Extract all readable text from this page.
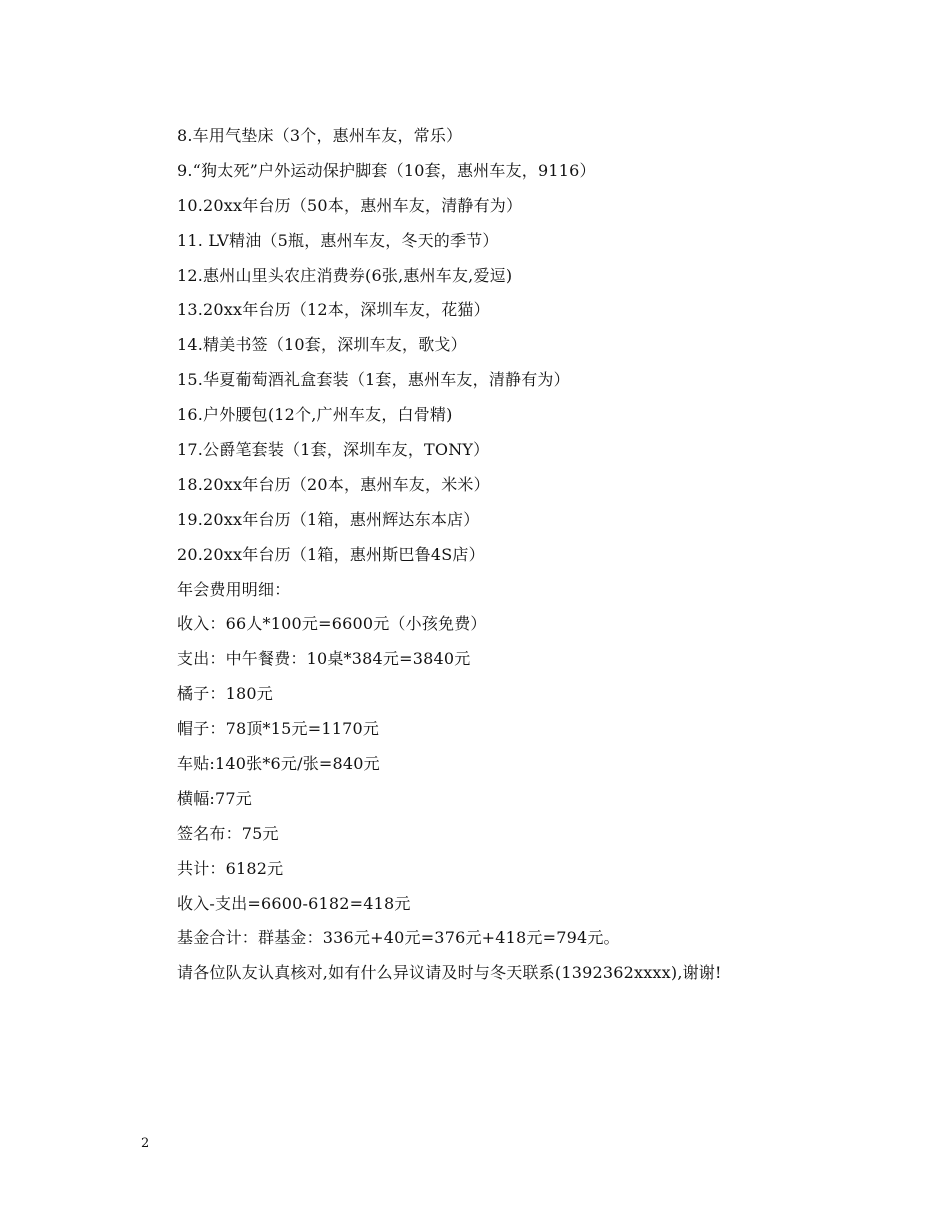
8.车用气垫床（3个，惠州车友，常乐）
9.“狗太死”户外运动保护脚套（10套，惠州车友，9116）
10.20xx年台历（50本，惠州车友，清静有为）
11. LV精油（5瓶，惠州车友，冬天的季节）
12.惠州山里头农庄消费券(6张,惠州车友,爱逗)
13.20xx年台历（12本，深圳车友，花猫）
14.精美书签（10套，深圳车友，歌戈）
15.华夏葡萄酒礼盒套装（1套，惠州车友，清静有为）
16.户外腰包(12个,广州车友，白骨精)
17.公爵笔套装（1套，深圳车友，TONY）
18.20xx年台历（20本，惠州车友，米米）
19.20xx年台历（1箱，惠州辉达东本店）
20.20xx年台历（1箱，惠州斯巴鲁4S店）
年会费用明细：
收入：66人*100元=6600元（小孩免费）
支出：中午餐费：10桌*384元=3840元
橘子：180元
帽子：78顶*15元=1170元
车贴:140张*6元/张=840元
横幅:77元
签名布：75元
共计：6182元
收入-支出=6600-6182=418元
基金合计：群基金：336元+40元=376元+418元=794元。
请各位队友认真核对,如有什么异议请及时与冬天联系(1392362xxxx),谢谢!
2
